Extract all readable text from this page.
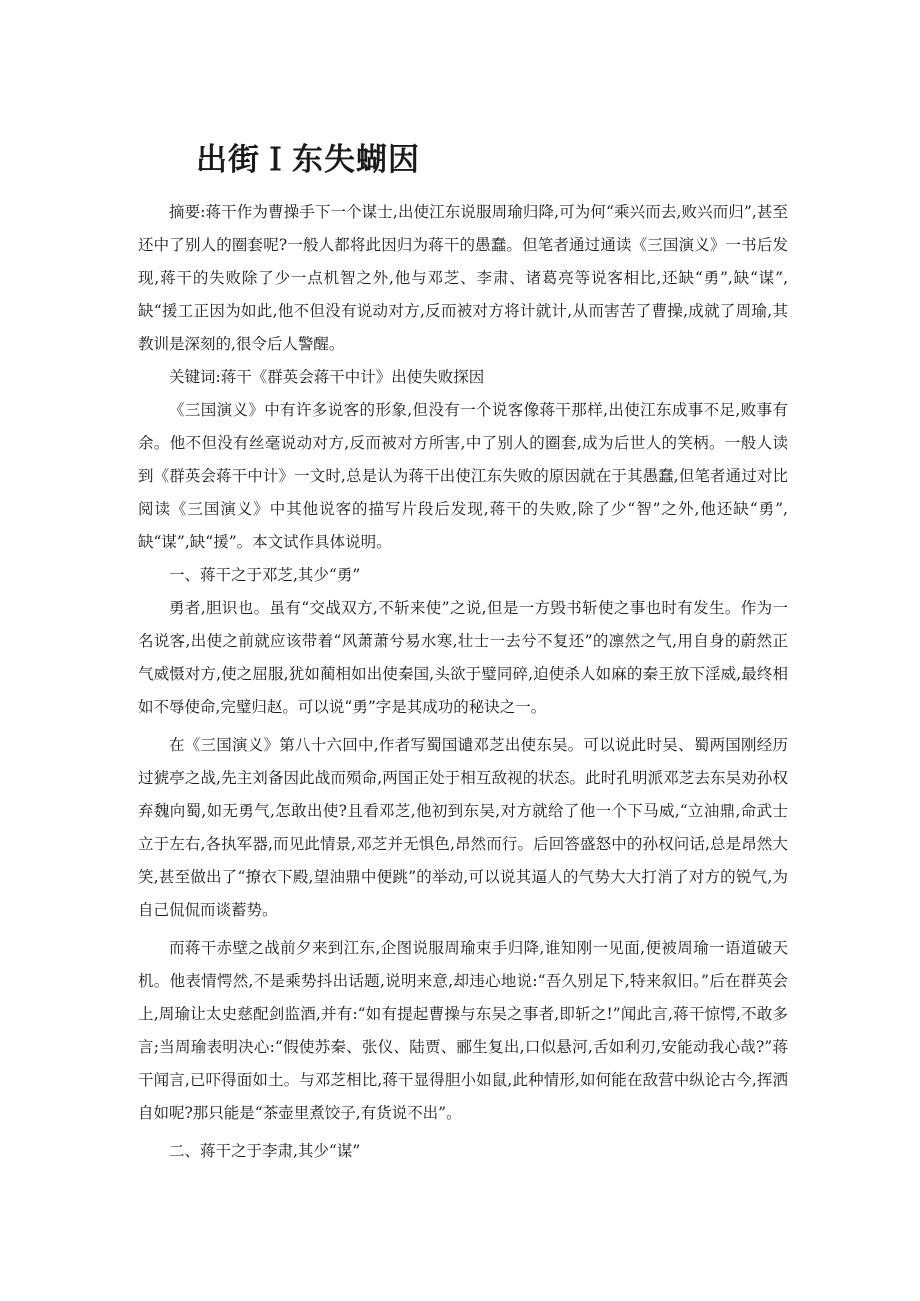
出街Ｉ东失蝴因

摘要:蒋干作为曹操手下一个谋士,出使江东说服周瑜归降,可为何“乘兴而去,败兴而归”,甚至还中了别人的圈套呢?一般人都将此因归为蒋干的愚蠢。但笔者通过通读《三国演义》一书后发现,蒋干的失败除了少一点机智之外,他与邓芝、李肃、诸葛亮等说客相比,还缺“勇”,缺“谋”,缺“援工正因为如此,他不但没有说动对方,反而被对方将计就计,从而害苦了曹操,成就了周瑜,其教训是深刻的,很令后人警醒。

关键词:蒋干《群英会蒋干中计》出使失败探因

《三国演义》中有许多说客的形象,但没有一个说客像蒋干那样,出使江东成事不足,败事有余。他不但没有丝毫说动对方,反而被对方所害,中了别人的圈套,成为后世人的笑柄。一般人读到《群英会蒋干中计》一文时,总是认为蒋干出使江东失败的原因就在于其愚蠢,但笔者通过对比阅读《三国演义》中其他说客的描写片段后发现,蒋干的失败,除了少“智”之外,他还缺“勇”,缺“谋”,缺“援”。本文试作具体说明。

一、蒋干之于邓芝,其少“勇”

勇者,胆识也。虽有“交战双方,不斩来使”之说,但是一方毁书斩使之事也时有发生。作为一名说客,出使之前就应该带着“风萧萧兮易水寒,壮士一去兮不复还”的凛然之气,用自身的蔚然正气威慑对方,使之屈服,犹如蔺相如出使秦国,头欲于璧同碎,迫使杀人如麻的秦王放下淫威,最终相如不辱使命,完璧归赵。可以说“勇”字是其成功的秘诀之一。

在《三国演义》第八十六回中,作者写蜀国谴邓芝出使东吴。可以说此时吴、蜀两国刚经历过猇亭之战,先主刘备因此战而殒命,两国正处于相互敌视的状态。此时孔明派邓芝去东吴劝孙权弃魏向蜀,如无勇气,怎敢出使?且看邓芝,他初到东吴,对方就给了他一个下马威,“立油鼎,命武士立于左右,各执军器,而见此情景,邓芝并无惧色,昂然而行。后回答盛怒中的孙权问话,总是昂然大笑,甚至做出了“撩衣下殿,望油鼎中便跳”的举动,可以说其逼人的气势大大打消了对方的锐气,为自己侃侃而谈蓄势。

而蒋干赤壁之战前夕来到江东,企图说服周瑜束手归降,谁知刚一见面,便被周瑜一语道破天机。他表情愕然,不是乘势抖出话题,说明来意,却违心地说:“吾久别足下,特来叙旧。”后在群英会上,周瑜让太史慈配剑监酒,并有:“如有提起曹操与东吴之事者,即斩之!”闻此言,蒋干惊愕,不敢多言;当周瑜表明决心:“假使苏秦、张仪、陆贾、郦生复出,口似悬河,舌如利刃,安能动我心哉?”蒋干闻言,已吓得面如土。与邓芝相比,蒋干显得胆小如鼠,此种情形,如何能在敌营中纵论古今,挥洒自如呢?那只能是“茶壶里煮饺子,有货说不出”。

二、蒋干之于李肃,其少“谋”
